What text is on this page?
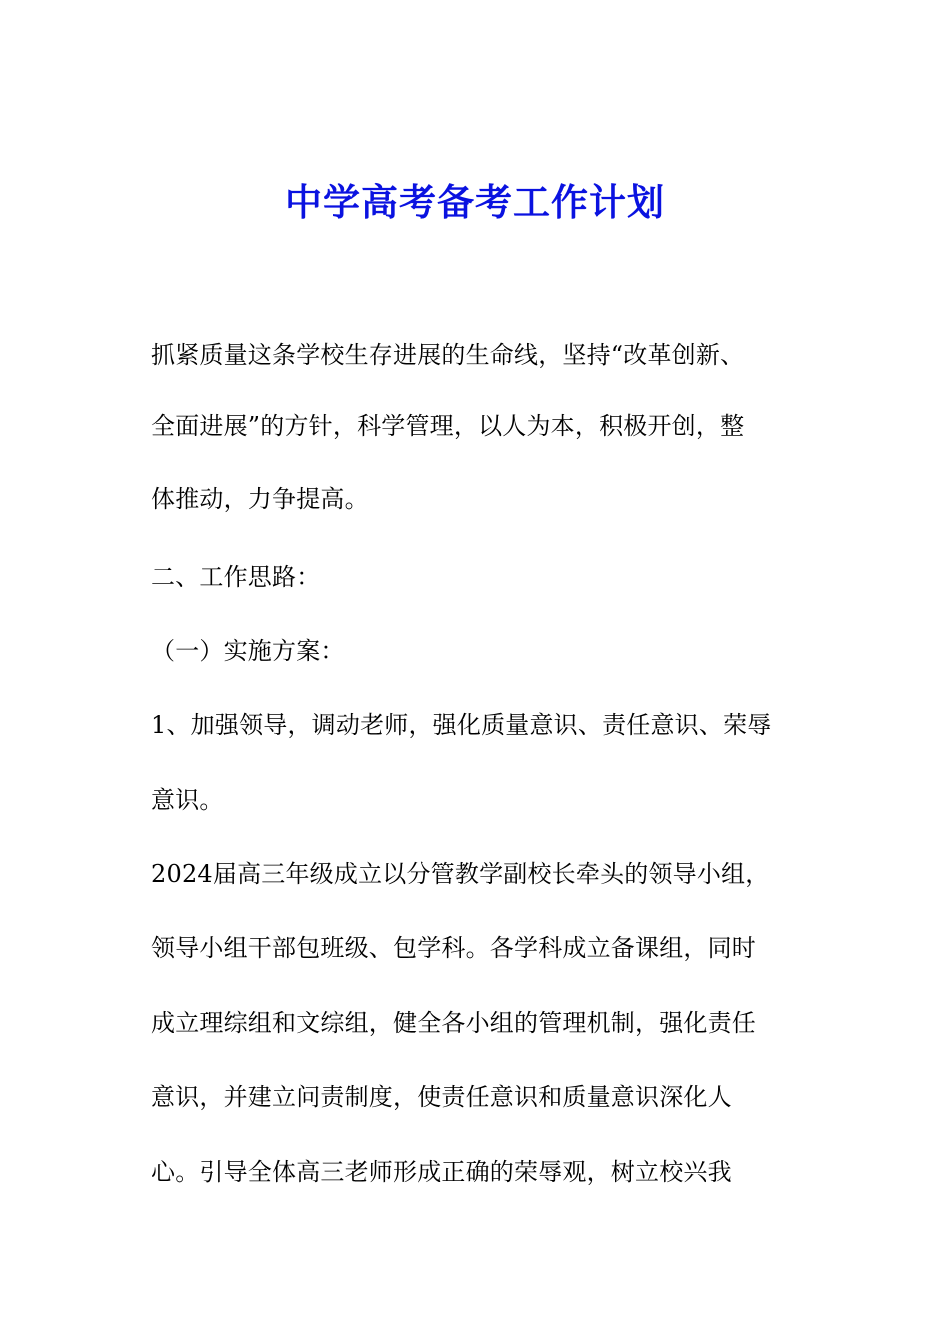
中学高考备考工作计划
抓紧质量这条学校生存进展的生命线，坚持“改革创新、
全面进展”的方针，科学管理，以人为本，积极开创，整
体推动，力争提高。
二、工作思路：
（一）实施方案：
1、加强领导，调动老师，强化质量意识、责任意识、荣辱
意识。
2024届高三年级成立以分管教学副校长牵头的领导小组，
领导小组干部包班级、包学科。各学科成立备课组，同时
成立理综组和文综组，健全各小组的管理机制，强化责任
意识，并建立问责制度，使责任意识和质量意识深化人
心。引导全体高三老师形成正确的荣辱观，树立校兴我
